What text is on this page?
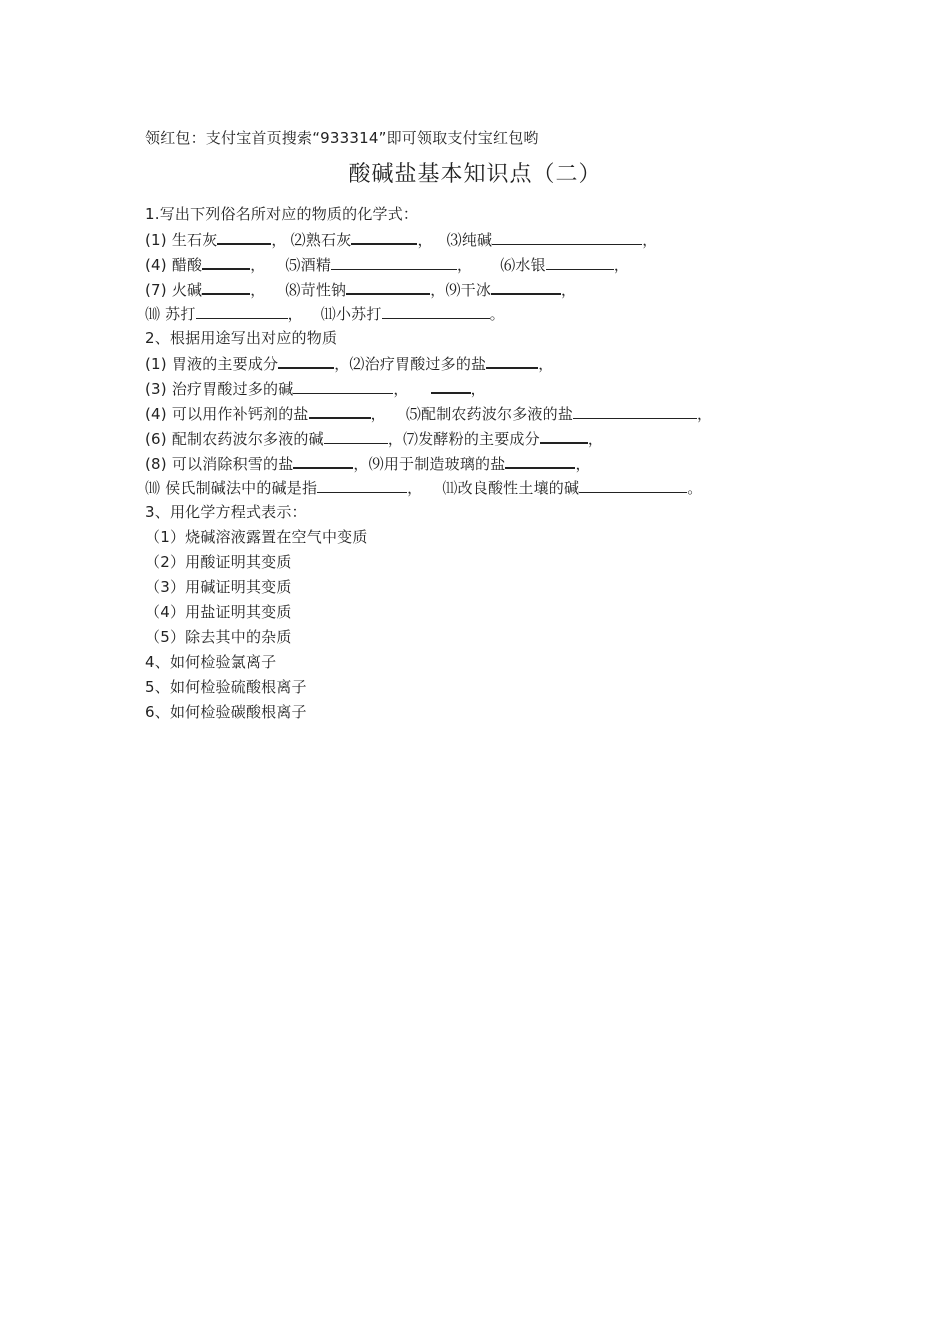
领红包：支付宝首页搜索“933314”即可领取支付宝红包哟
酸碱盐基本知识点（二）
1.写出下列俗名所对应的物质的化学式：
(1) 生石灰	， ⑵熟石灰	， ⑶纯碱	，
(4) 醋酸	， ⑸酒精	， ⑹水银	，
(7) 火碱	， ⑻苛性钠	，⑼干冰	，
⑽ 苏打	， ⑾小苏打	。
2、根据用途写出对应的物质
(1) 胃液的主要成分	，⑵治疗胃酸过多的盐	，
(3) 治疗胃酸过多的碱	，	，
(4) 可以用作补钙剂的盐	， ⑸配制农药波尔多液的盐	，
(6) 配制农药波尔多液的碱	，⑺发酵粉的主要成分	，
(8) 可以消除积雪的盐	，⑼用于制造玻璃的盐	，
⑽ 侯氏制碱法中的碱是指	， ⑾改良酸性土壤的碱	。
3、用化学方程式表示：
（1）烧碱溶液露置在空气中变质
（2）用酸证明其变质
（3）用碱证明其变质
（4）用盐证明其变质
（5）除去其中的杂质
4、如何检验氯离子
5、如何检验硫酸根离子
6、如何检验碳酸根离子
